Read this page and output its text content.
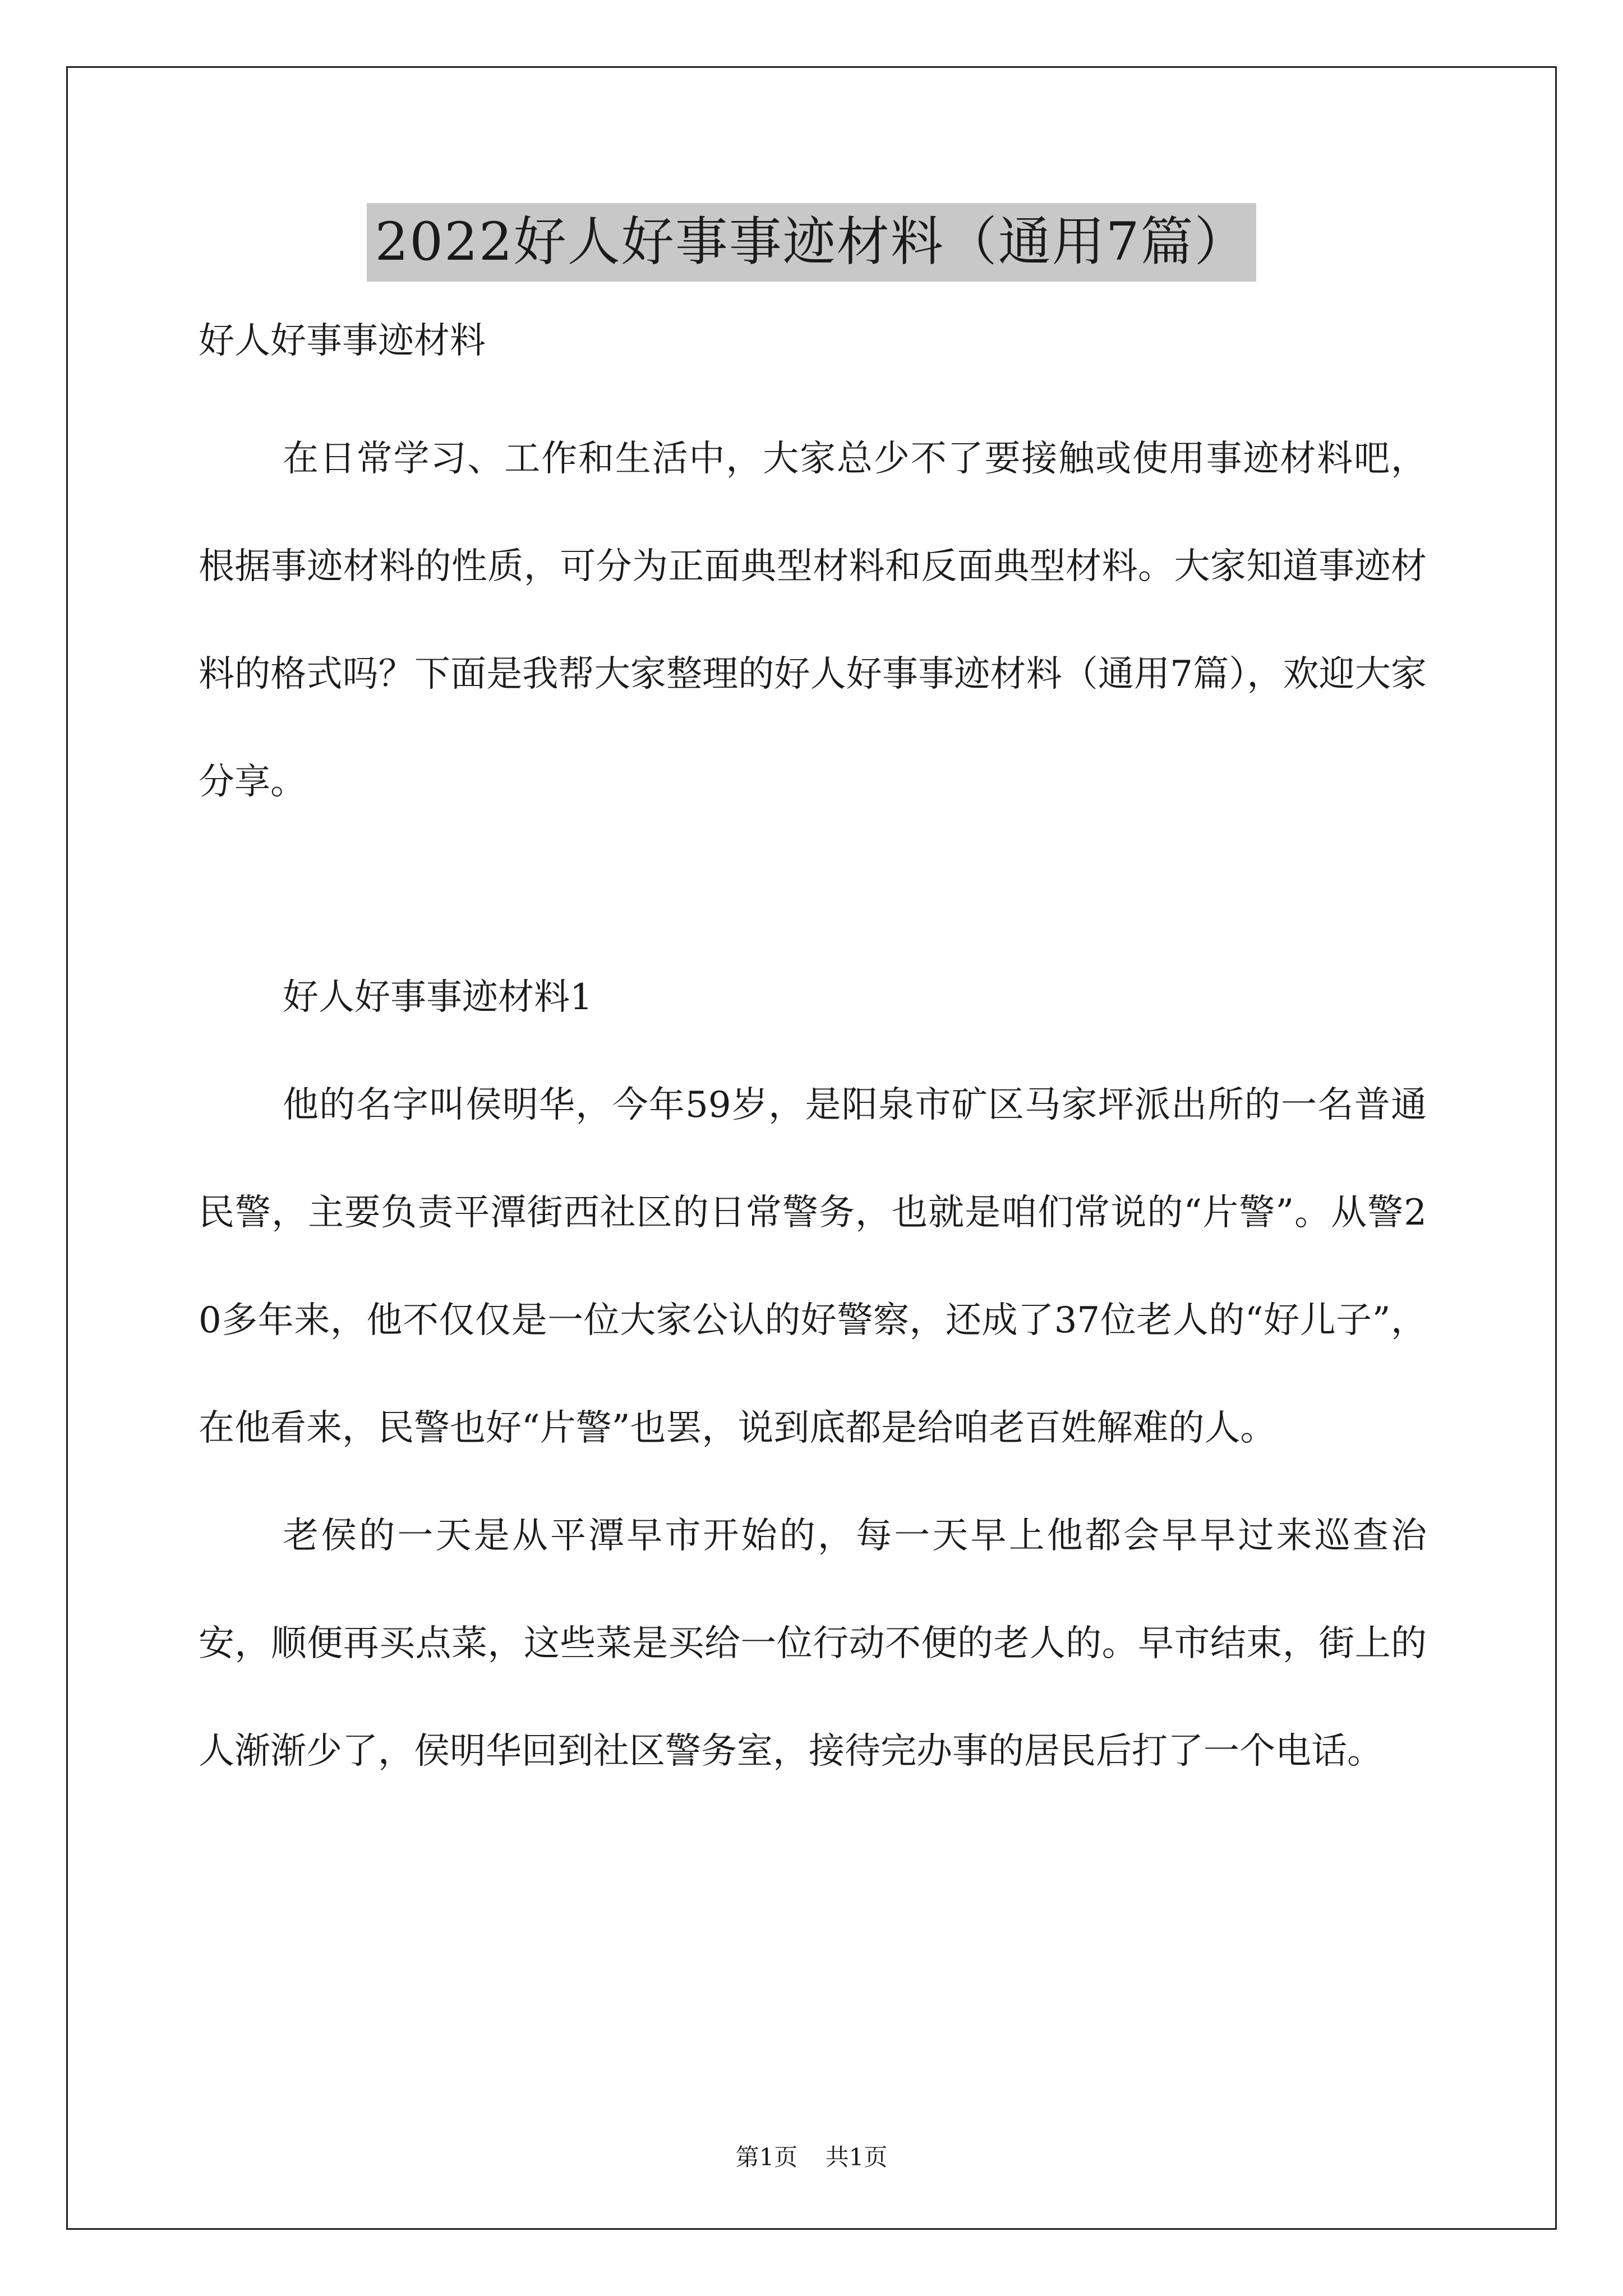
2022好人好事事迹材料（通用7篇）

好人好事事迹材料

在日常学习、工作和生活中，大家总少不了要接触或使用事迹材料吧，根据事迹材料的性质，可分为正面典型材料和反面典型材料。大家知道事迹材料的格式吗？下面是我帮大家整理的好人好事事迹材料（通用7篇），欢迎大家分享。

好人好事事迹材料1

他的名字叫侯明华，今年59岁，是阳泉市矿区马家坪派出所的一名普通民警，主要负责平潭街西社区的日常警务，也就是咱们常说的“片警”。从警20多年来，他不仅仅是一位大家公认的好警察，还成了37位老人的“好儿子”，在他看来，民警也好“片警”也罢，说到底都是给咱老百姓解难的人。

老侯的一天是从平潭早市开始的，每一天早上他都会早早过来巡查治安，顺便再买点菜，这些菜是买给一位行动不便的老人的。早市结束，街上的人渐渐少了，侯明华回到社区警务室，接待完办事的居民后打了一个电话。

第1页 共1页
